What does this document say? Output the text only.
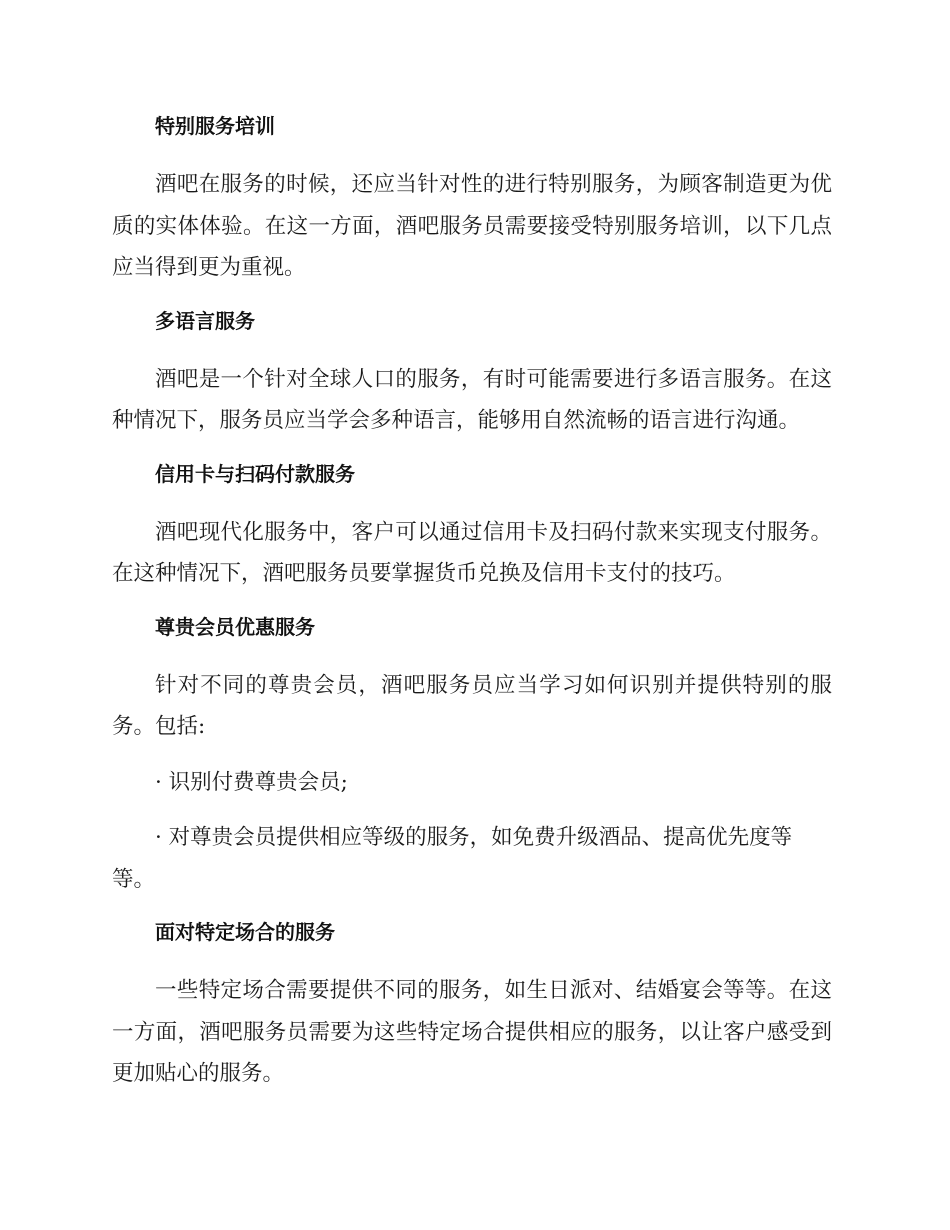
特别服务培训

酒吧在服务的时候，还应当针对性的进行特别服务，为顾客制造更为优质的实体体验。在这一方面，酒吧服务员需要接受特别服务培训，以下几点应当得到更为重视。

多语言服务

酒吧是一个针对全球人口的服务，有时可能需要进行多语言服务。在这种情况下，服务员应当学会多种语言，能够用自然流畅的语言进行沟通。

信用卡与扫码付款服务

酒吧现代化服务中，客户可以通过信用卡及扫码付款来实现支付服务。在这种情况下，酒吧服务员要掌握货币兑换及信用卡支付的技巧。

尊贵会员优惠服务

针对不同的尊贵会员，酒吧服务员应当学习如何识别并提供特别的服务。包括:

· 识别付费尊贵会员;

· 对尊贵会员提供相应等级的服务，如免费升级酒品、提高优先度等等。

面对特定场合的服务

一些特定场合需要提供不同的服务，如生日派对、结婚宴会等等。在这一方面，酒吧服务员需要为这些特定场合提供相应的服务，以让客户感受到更加贴心的服务。
